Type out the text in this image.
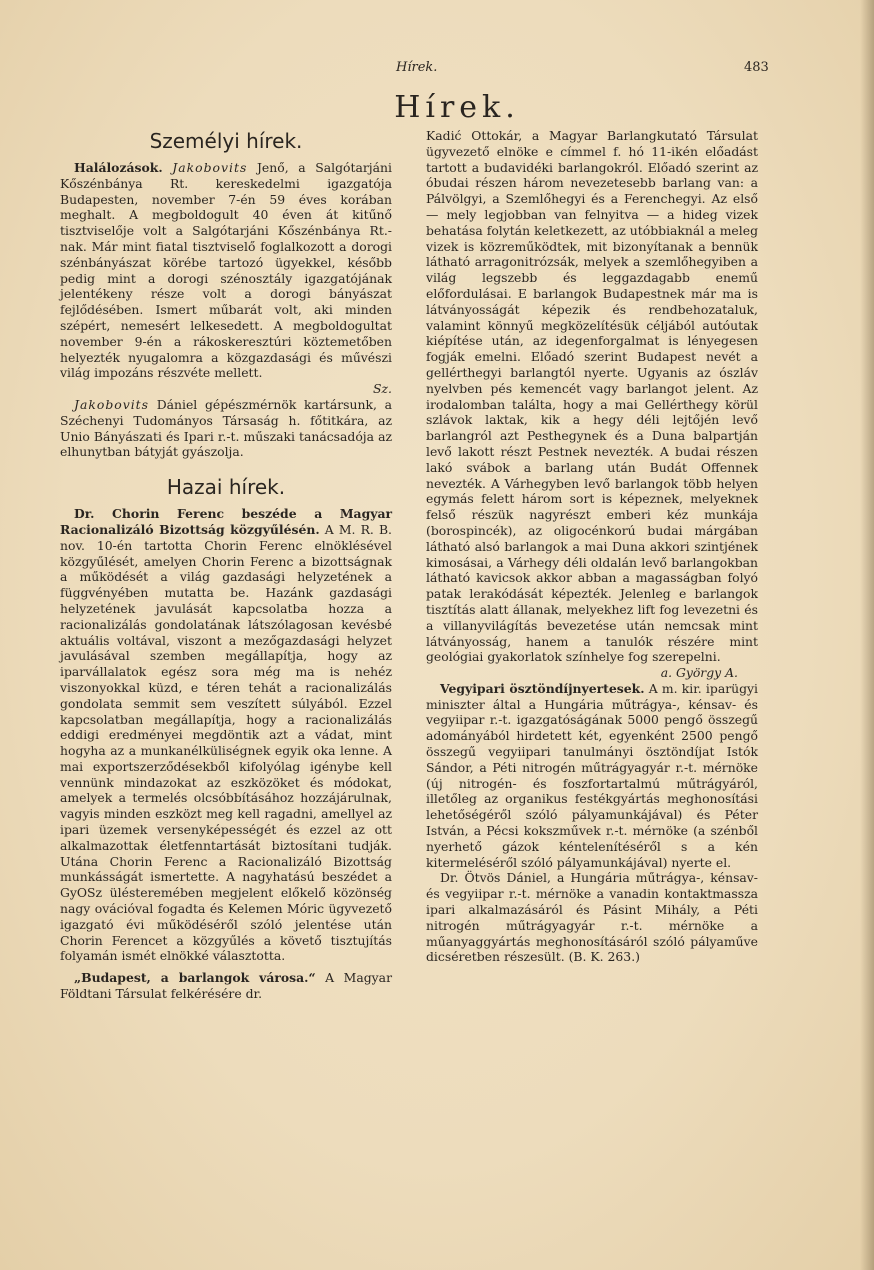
Hírek.	483
Hírek.
Személyi hírek.

Halálozások. Jakobovits Jenő, a Salgótarjáni Kőszénbánya Rt. kereskedelmi igazgatója Budapesten, november 7-én 59 éves korában meghalt. A megboldogult 40 éven át kitűnő tisztviselője volt a Salgótarjáni Kőszénbánya Rt.-nak. Már mint fiatal tisztviselő foglalkozott a dorogi szénbányászat körébe tartozó ügyekkel, később pedig mint a dorogi szénosztály igazgatójának jelentékeny része volt a dorogi bányászat fejlődésében. Ismert műbarát volt, aki minden szépért, nemesért lelkesedett. A megboldogultat november 9-én a rákoskeresztúri köztemetőben helyezték nyugalomra a közgazdasági és művészi világ impozáns részvéte mellett.

Sz.

Jakobovits Dániel gépészmérnök kartársunk, a Széchenyi Tudományos Társaság h. főtitkára, az Unio Bányászati és Ipari r.-t. műszaki tanácsadója az elhunytban bátyját gyászolja.

Hazai hírek.

Dr. Chorin Ferenc beszéde a Magyar Racionalizáló Bizottság közgyűlésén. A M. R. B. nov. 10-én tartotta Chorin Ferenc elnöklésével közgyűlését, amelyen Chorin Ferenc a bizottságnak a működését a világ gazdasági helyzetének a függvényében mutatta be. Hazánk gazdasági helyzetének javulását kapcsolatba hozza a racionalizálás gondolatának látszólagosan kevésbé aktuális voltával, viszont a mezőgazdasági helyzet javulásával szemben megállapítja, hogy az iparvállalatok egész sora még ma is nehéz viszonyokkal küzd, e téren tehát a racionalizálás gondolata semmit sem veszített súlyából. Ezzel kapcsolatban megállapítja, hogy a racionalizálás eddigi eredményei megdöntik azt a vádat, mint hogyha az a munkanélküliségnek egyik oka lenne. A mai exportszerződésekből kifolyólag igénybe kell vennünk mindazokat az eszközöket és módokat, amelyek a termelés olcsóbbításához hozzájárulnak, vagyis minden eszközt meg kell ragadni, amellyel az ipari üzemek versenyképességét és ezzel az ott alkalmazottak életfenntartását biztosítani tudják. Utána Chorin Ferenc a Racionalizáló Bizottság munkásságát ismertette. A nagyhatású beszédet a GyOSz ülésteremében megjelent előkelő közönség nagy ovációval fogadta és Kelemen Móric ügyvezető igazgató évi működéséről szóló jelentése után Chorin Ferencet a közgyűlés a követő tisztujítás folyamán ismét elnökké választotta.

„Budapest, a barlangok városa.“ A Magyar Földtani Társulat felkérésére dr.

Kadić Ottokár, a Magyar Barlangkutató Társulat ügyvezető elnöke e címmel f. hó 11-ikén előadást tartott a budavidéki barlangokról. Előadó szerint az óbudai részen három nevezetesebb barlang van: a Pálvölgyi, a Szemlőhegyi és a Ferenchegyi. Az első — mely legjobban van felnyitva — a hideg vizek behatása folytán keletkezett, az utóbbiaknál a meleg vizek is közreműködtek, mit bizonyítanak a bennük látható arragonitrózsák, melyek a szemlőhegyiben a világ legszebb és leggazdagabb enemű előfordulásai. E barlangok Budapestnek már ma is látványosságát képezik és rendbehozataluk, valamint könnyű megközelítésük céljából autóutak kiépítése után, az idegenforgalmat is lényegesen fogják emelni. Előadó szerint Budapest nevét a gellérthegyi barlangtól nyerte. Ugyanis az ószláv nyelvben pés kemencét vagy barlangot jelent. Az irodalomban találta, hogy a mai Gellérthegy körül szlávok laktak, kik a hegy déli lejtőjén levő barlangról azt Pesthegynek és a Duna balpartján levő lakott részt Pestnek nevezték. A budai részen lakó svábok a barlang után Budát Offennek nevezték. A Várhegyben levő barlangok több helyen egymás felett három sort is képeznek, melyeknek felső részük nagyrészt emberi kéz munkája (borospincék), az oligocénkorú budai márgában látható alsó barlangok a mai Duna akkori szintjének kimosásai, a Várhegy déli oldalán levő barlangokban látható kavicsok akkor abban a magasságban folyó patak lerakódását képezték. Jelenleg e barlangok tisztítás alatt állanak, melyekhez lift fog levezetni és a villanyvilágítás bevezetése után nemcsak mint látványosság, hanem a tanulók részére mint geológiai gyakorlatok színhelye fog szerepelni.

a. György A.

Vegyipari ösztöndíjnyertesek. A m. kir. iparügyi miniszter által a Hungária műtrágya-, kénsav- és vegyiipar r.-t. igazgatóságának 5000 pengő összegű adományából hirdetett két, egyenként 2500 pengő összegű vegyiipari tanulmányi ösztöndíjat Istók Sándor, a Péti nitrogén műtrágyagyár r.-t. mérnöke (új nitrogén- és foszfortartalmú műtrágyáról, illetőleg az organikus festékgyártás meghonosítási lehetőségéről szóló pályamunkájával) és Péter István, a Pécsi kokszművek r.-t. mérnöke (a szénből nyerhető gázok kéntelenítéséről s a kén kitermeléséről szóló pályamunkájával) nyerte el.

Dr. Ötvös Dániel, a Hungária műtrágya-, kénsav- és vegyiipar r.-t. mérnöke a vanadin kontaktmassza ipari alkalmazásáról és Pásint Mihály, a Péti nitrogén műtrágyagyár r.-t. mérnöke a műanyaggyártás meghonosításáról szóló pályaműve dicséretben részesült. (B. K. 263.)
